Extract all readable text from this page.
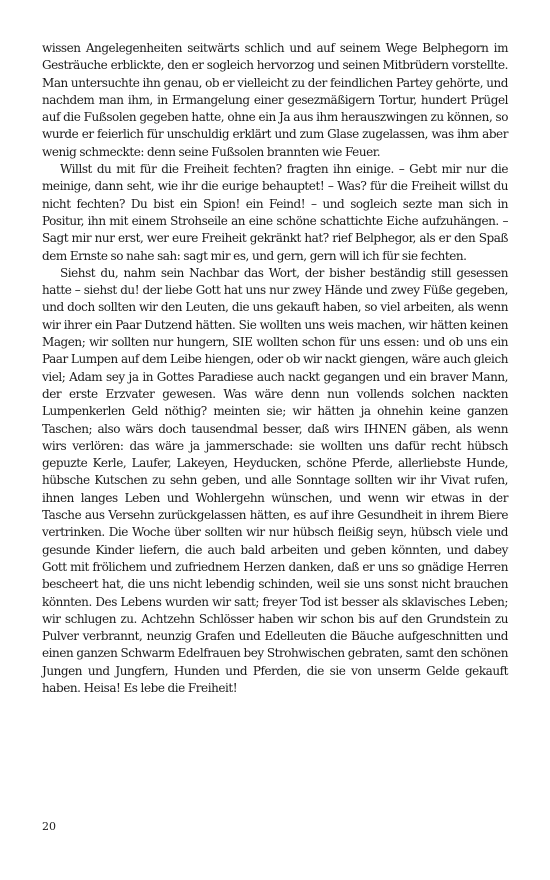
wissen Angelegenheiten seitwärts schlich und auf seinem Wege Belphegorn im Gesträuche erblickte, den er sogleich hervorzog und seinen Mitbrüdern vorstellte. Man untersuchte ihn genau, ob er vielleicht zu der feindlichen Partey gehörte, und nachdem man ihm, in Ermangelung einer gesezmäßigern Tortur, hundert Prügel auf die Fußsolen gegeben hatte, ohne ein Ja aus ihm herauszwingen zu können, so wurde er feierlich für unschuldig erklärt und zum Glase zugelassen, was ihm aber wenig schmeckte: denn seine Fußsolen brannten wie Feuer.

Willst du mit für die Freiheit fechten? fragten ihn einige. – Gebt mir nur die meinige, dann seht, wie ihr die eurige behauptet! – Was? für die Freiheit willst du nicht fechten? Du bist ein Spion! ein Feind! – und sogleich sezte man sich in Positur, ihn mit einem Strohseile an eine schöne schattichte Eiche aufzuhängen. – Sagt mir nur erst, wer eure Freiheit gekränkt hat? rief Belphegor, als er den Spaß dem Ernste so nahe sah: sagt mir es, und gern, gern will ich für sie fechten.

Siehst du, nahm sein Nachbar das Wort, der bisher beständig still gesessen hatte – siehst du! der liebe Gott hat uns nur zwey Hände und zwey Füße gegeben, und doch sollten wir den Leuten, die uns gekauft haben, so viel arbeiten, als wenn wir ihrer ein Paar Dutzend hätten. Sie wollten uns weis machen, wir hätten keinen Magen; wir sollten nur hungern, SIE wollten schon für uns essen: und ob uns ein Paar Lumpen auf dem Leibe hiengen, oder ob wir nackt giengen, wäre auch gleich viel; Adam sey ja in Gottes Paradiese auch nackt gegangen und ein braver Mann, der erste Erzvater gewesen. Was wäre denn nun vollends solchen nackten Lumpenkerlen Geld nöthig? meinten sie; wir hätten ja ohnehin keine ganzen Taschen; also wärs doch tausendmal besser, daß wirs IHNEN gäben, als wenn wirs verlören: das wäre ja jammerschade: sie wollten uns dafür recht hübsch gepuzte Kerle, Laufer, Lakeyen, Heyducken, schöne Pferde, allerliebste Hunde, hübsche Kutschen zu sehn geben, und alle Sonntage sollten wir ihr Vivat rufen, ihnen langes Leben und Wohlergehn wünschen, und wenn wir etwas in der Tasche aus Versehn zurückgelassen hätten, es auf ihre Gesundheit in ihrem Biere vertrinken. Die Woche über sollten wir nur hübsch fleißig seyn, hübsch viele und gesunde Kinder liefern, die auch bald arbeiten und geben könnten, und dabey Gott mit frölichem und zufriednem Herzen danken, daß er uns so gnädige Herren bescheert hat, die uns nicht lebendig schinden, weil sie uns sonst nicht brauchen könnten. Des Lebens wurden wir satt; freyer Tod ist besser als sklavisches Leben; wir schlugen zu. Achtzehn Schlösser haben wir schon bis auf den Grundstein zu Pulver verbrannt, neunzig Grafen und Edelleuten die Bäuche aufgeschnitten und einen ganzen Schwarm Edelfrauen bey Strohwischen gebraten, samt den schönen Jungen und Jungfern, Hunden und Pferden, die sie von unserm Gelde gekauft haben. Heisa! Es lebe die Freiheit!

20
